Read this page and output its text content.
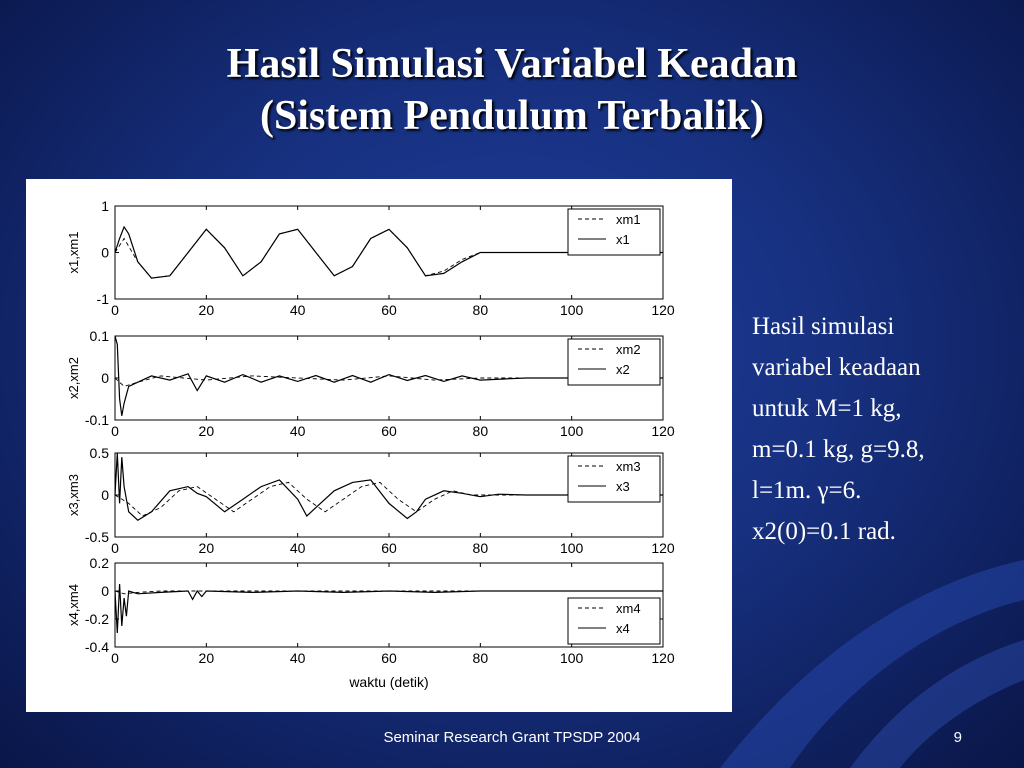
Hasil Simulasi Variabel Keadan
(Sistem Pendulum Terbalik)
0	20	40	60	80	100	120
-1
0
1
x1,xm1
xm1
x1
0	20	40	60	80	100	120
-0.1
0
0.1
x2,xm2
xm2
x2
0	20	40	60	80	100	120
-0.5
0
0.5
x3,xm3
xm3
x3
0	20	40	60	80	100	120
-0.4
-0.2
0
0.2
x4,xm4	xm4
x4
waktu (detik)
Hasil simulasi
variabel keadaan
untuk M=1 kg,
m=0.1 kg, g=9.8,
l=1m. γ=6.
x2(0)=0.1 rad.
Seminar Research Grant TPSDP 2004	9
